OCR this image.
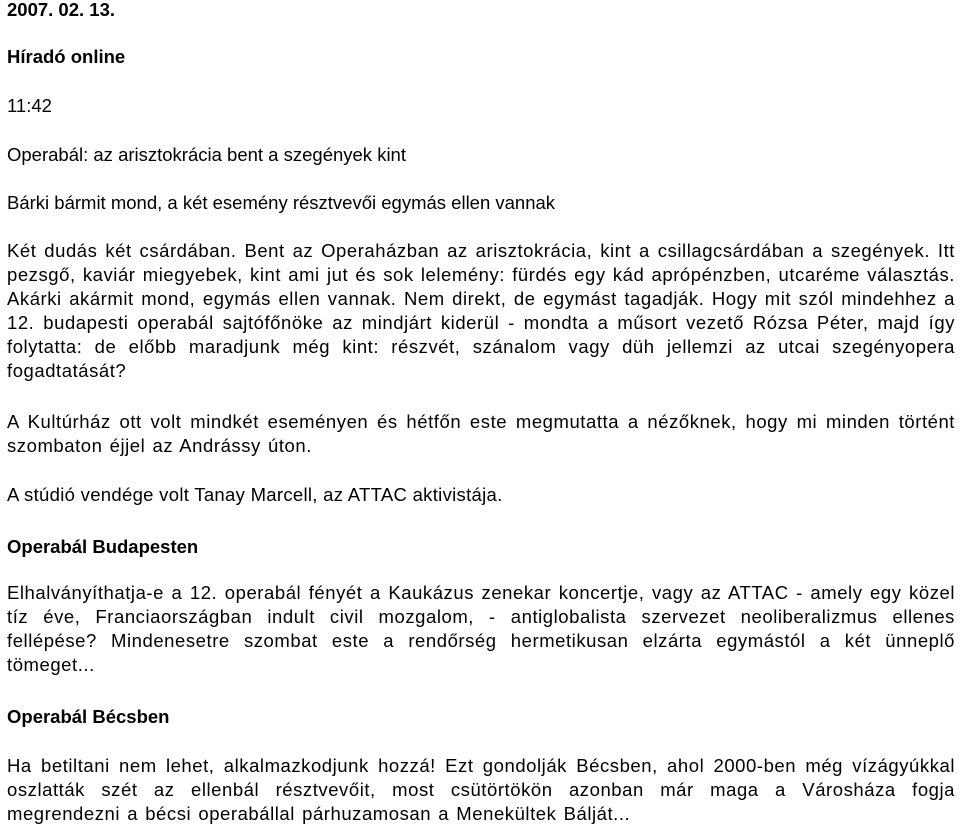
2007. 02. 13.

Híradó online

11:42

Operabál: az arisztokrácia bent a szegények kint

Bárki bármit mond, a két esemény résztvevői egymás ellen vannak

Két dudás két csárdában. Bent az Operaházban az arisztokrácia, kint a csillagcsárdában a szegények. Itt pezsgő, kaviár miegyebek, kint ami jut és sok lelemény: fürdés egy kád aprópénzben, utcaréme választás. Akárki akármit mond, egymás ellen vannak. Nem direkt, de egymást tagadják. Hogy mit szól mindehhez a 12. budapesti operabál sajtófőnöke az mindjárt kiderül - mondta a műsort vezető Rózsa Péter, majd így folytatta: de előbb maradjunk még kint: részvét, szánalom vagy düh jellemzi az utcai szegényopera fogadtatását?

A Kultúrház ott volt mindkét eseményen és hétfőn este megmutatta a nézőknek, hogy mi minden történt szombaton éjjel az Andrássy úton.

A stúdió vendége volt Tanay Marcell, az ATTAC aktivistája.

Operabál Budapesten

Elhalványíthatja-e a 12. operabál fényét a Kaukázus zenekar koncertje, vagy az ATTAC - amely egy közel tíz éve, Franciaországban indult civil mozgalom, - antiglobalista szervezet neoliberalizmus ellenes fellépése? Mindenesetre szombat este a rendőrség hermetikusan elzárta egymástól a két ünneplő tömeget...

Operabál Bécsben

Ha betiltani nem lehet, alkalmazkodjunk hozzá! Ezt gondolják Bécsben, ahol 2000-ben még vízágyúkkal oszlatták szét az ellenbál résztvevőit, most csütörtökön azonban már maga a Városháza fogja megrendezni a bécsi operabállal párhuzamosan a Menekültek Bálját...
